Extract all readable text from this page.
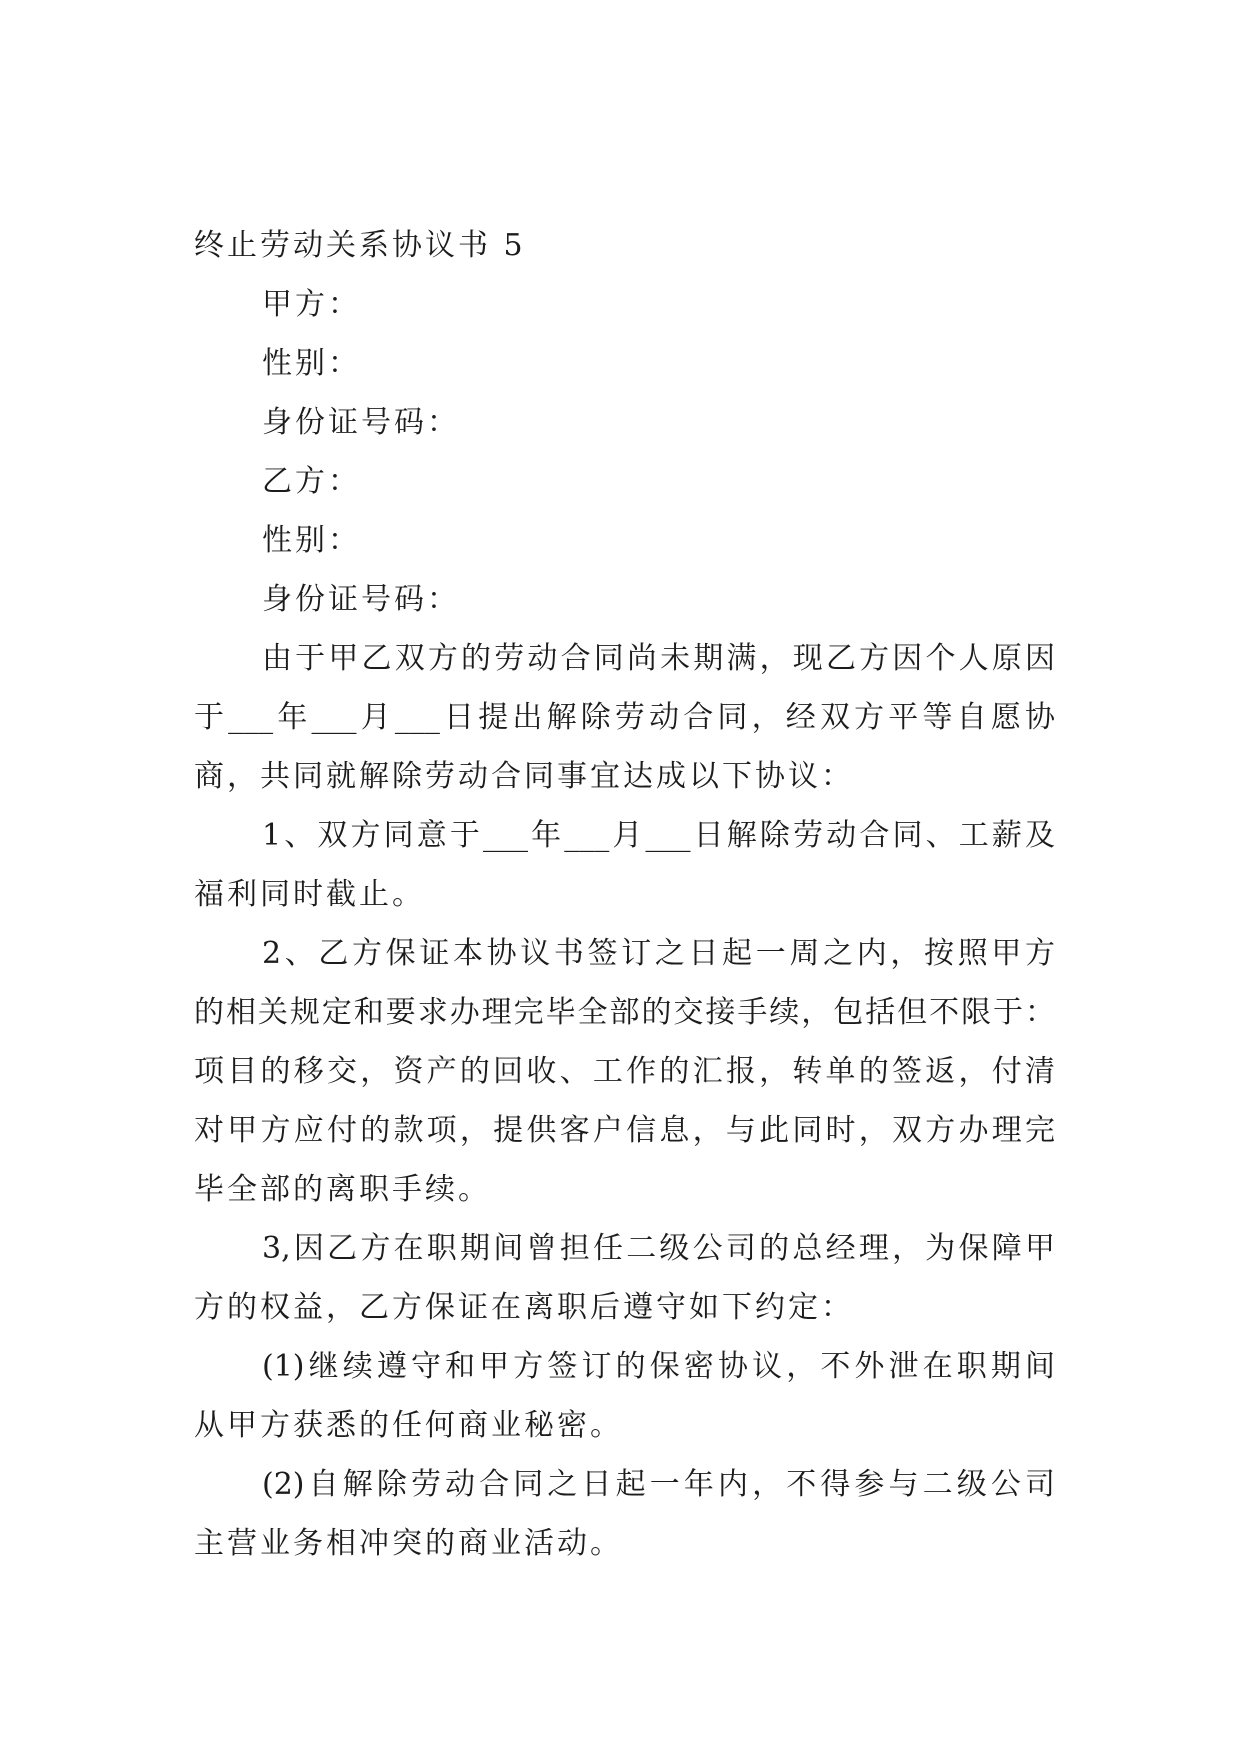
终止劳动关系协议书 5
甲方：
性别：
身份证号码：
乙方：
性别：
身份证号码：
由于甲乙双方的劳动合同尚未期满，现乙方因个人原因
于___年___月___日提出解除劳动合同，经双方平等自愿协
商，共同就解除劳动合同事宜达成以下协议：
1、双方同意于___年___月___日解除劳动合同、工薪及
福利同时截止。
2、乙方保证本协议书签订之日起一周之内，按照甲方
的相关规定和要求办理完毕全部的交接手续，包括但不限于：
项目的移交，资产的回收、工作的汇报，转单的签返，付清
对甲方应付的款项，提供客户信息，与此同时，双方办理完
毕全部的离职手续。
3,因乙方在职期间曾担任二级公司的总经理，为保障甲
方的权益，乙方保证在离职后遵守如下约定：
(1)继续遵守和甲方签订的保密协议，不外泄在职期间
从甲方获悉的任何商业秘密。
(2)自解除劳动合同之日起一年内，不得参与二级公司
主营业务相冲突的商业活动。
